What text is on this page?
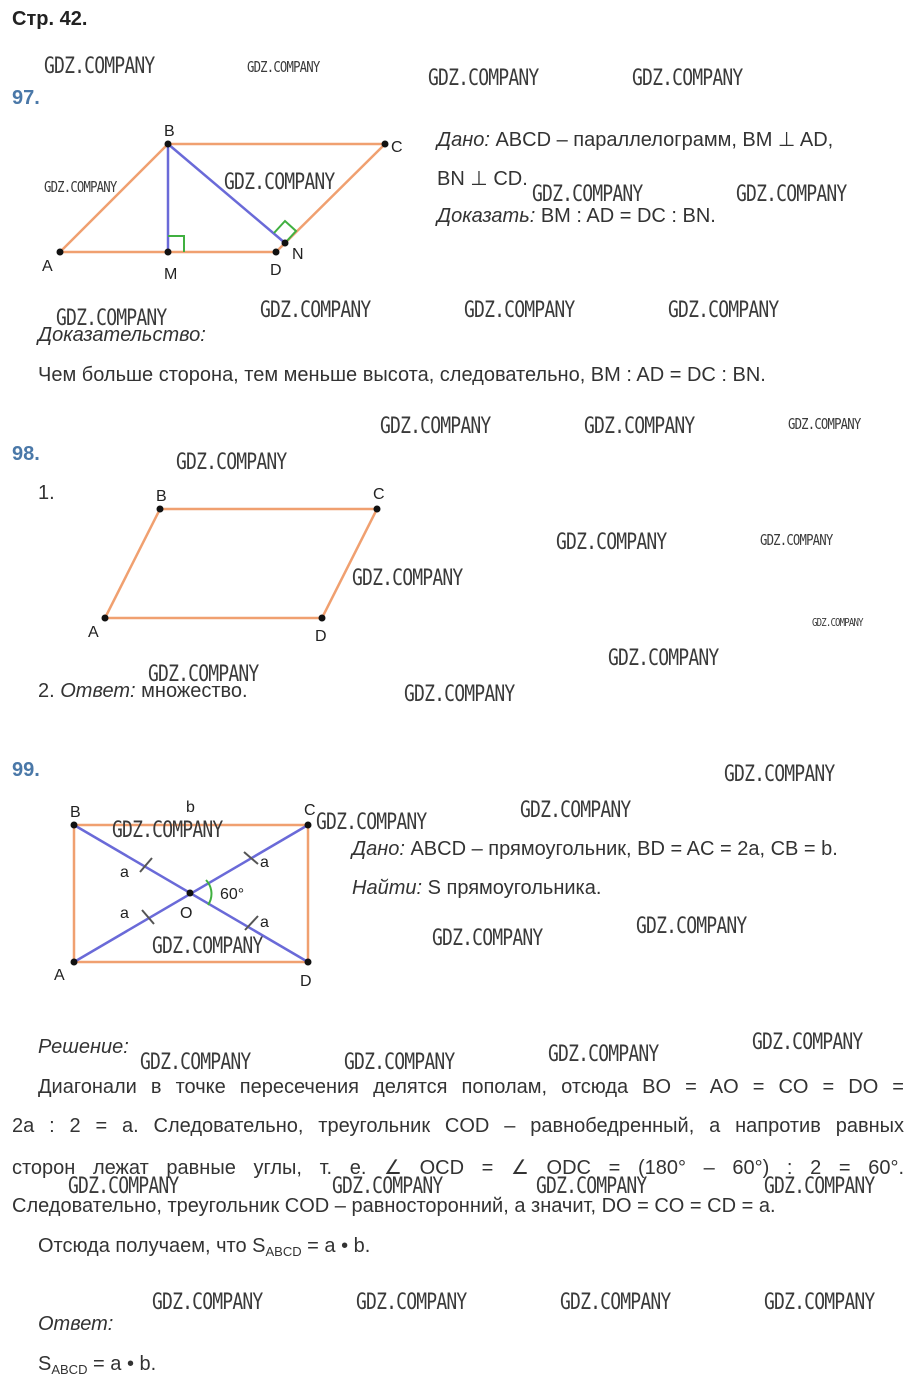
Стр. 42.
97.
A
B
C
D
M
N
Дано: ABCD – параллелограмм, BM ⊥ AD,
BN ⊥ CD.
Доказать: BM : AD = DC : BN.
Доказательство:
Чем больше сторона, тем меньше высота, следовательно, BM : AD = DC : BN.
98.
1.
A
B	C
D
2. Ответ: множество.
99.
B	C
A	D
O
b
a
a
a
a
60°
Дано: ABCD – прямоугольник, BD = AC = 2a, CB = b.
Найти: S прямоугольника.
Решение:
Диагонали в точке пересечения делятся пополам, отсюда BO = AO = CO = DO =
2a : 2 = a. Следовательно, треугольник COD – равнобедренный, а напротив равных
сторон лежат равные углы, т. е. ∠ OCD = ∠ ODC = (180° – 60°) : 2 = 60°.
Следовательно, треугольник COD – равносторонний, а значит, DO = CO = CD = a.
Отсюда получаем, что $S_{ABCD} = a$ • b.
Ответ:
$S_{ABCD} = a$ • b.
GDZ.COMPANY	GDZ.COMPANY	GDZ.COMPANY	GDZ.COMPANY
GDZ.COMPANY	GDZ.COMPANY	GDZ.COMPANY	GDZ.COMPANY
GDZ.COMPANY	GDZ.COMPANY	GDZ.COMPANY	GDZ.COMPANY
GDZ.COMPANY	GDZ.COMPANY	GDZ.COMPANY
GDZ.COMPANY
GDZ.COMPANY	GDZ.COMPANY
GDZ.COMPANY
GDZ.COMPANY
GDZ.COMPANY
GDZ.COMPANY
GDZ.COMPANY
GDZ.COMPANY
GDZ.COMPANY
GDZ.COMPANY	GDZ.COMPANY
GDZ.COMPANY
GDZ.COMPANY
GDZ.COMPANY
GDZ.COMPANY
GDZ.COMPANY
GDZ.COMPANY	GDZ.COMPANY
GDZ.COMPANY	GDZ.COMPANY	GDZ.COMPANY	GDZ.COMPANY
GDZ.COMPANY	GDZ.COMPANY	GDZ.COMPANY	GDZ.COMPANY
